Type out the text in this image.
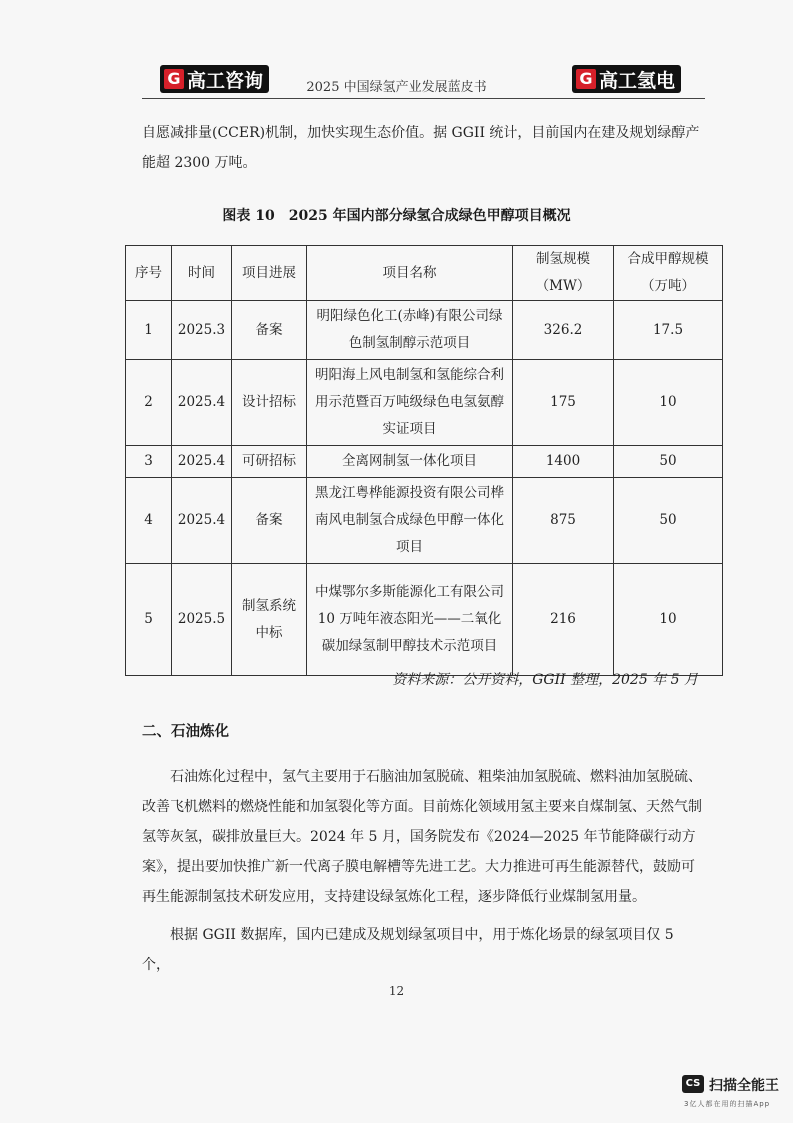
G 高工咨询	2025 中国绿氢产业发展蓝皮书	G 高工氢电

自愿减排量(CCER)机制，加快实现生态价值。据 GGII 统计，目前国内在建及规划绿醇产能超 2300 万吨。

图表 10　2025 年国内部分绿氢合成绿色甲醇项目概况
序号	时间	项目进展	项目名称	制氢规模（MW）	合成甲醇规模（万吨）
1	2025.3	备案	明阳绿色化工(赤峰)有限公司绿色制氢制醇示范项目	326.2	17.5
2	2025.4	设计招标	明阳海上风电制氢和氢能综合利用示范暨百万吨级绿色电氢氨醇实证项目	175	10
3	2025.4	可研招标	全离网制氢一体化项目	1400	50
4	2025.4	备案	黑龙江粤桦能源投资有限公司桦南风电制氢合成绿色甲醇一体化项目	875	50
5	2025.5	制氢系统中标	中煤鄂尔多斯能源化工有限公司 10 万吨年液态阳光——二氧化碳加绿氢制甲醇技术示范项目	216	10
资料来源：公开资料，GGII 整理，2025 年 5 月
二、石油炼化

石油炼化过程中，氢气主要用于石脑油加氢脱硫、粗柴油加氢脱硫、燃料油加氢脱硫、改善飞机燃料的燃烧性能和加氢裂化等方面。目前炼化领域用氢主要来自煤制氢、天然气制氢等灰氢，碳排放量巨大。2024 年 5 月，国务院发布《2024—2025 年节能降碳行动方案》，提出要加快推广新一代离子膜电解槽等先进工艺。大力推进可再生能源替代，鼓励可再生能源制氢技术研发应用，支持建设绿氢炼化工程，逐步降低行业煤制氢用量。

根据 GGII 数据库，国内已建成及规划绿氢项目中，用于炼化场景的绿氢项目仅 5 个，

12
CS 扫描全能王
3亿人都在用的扫描App
